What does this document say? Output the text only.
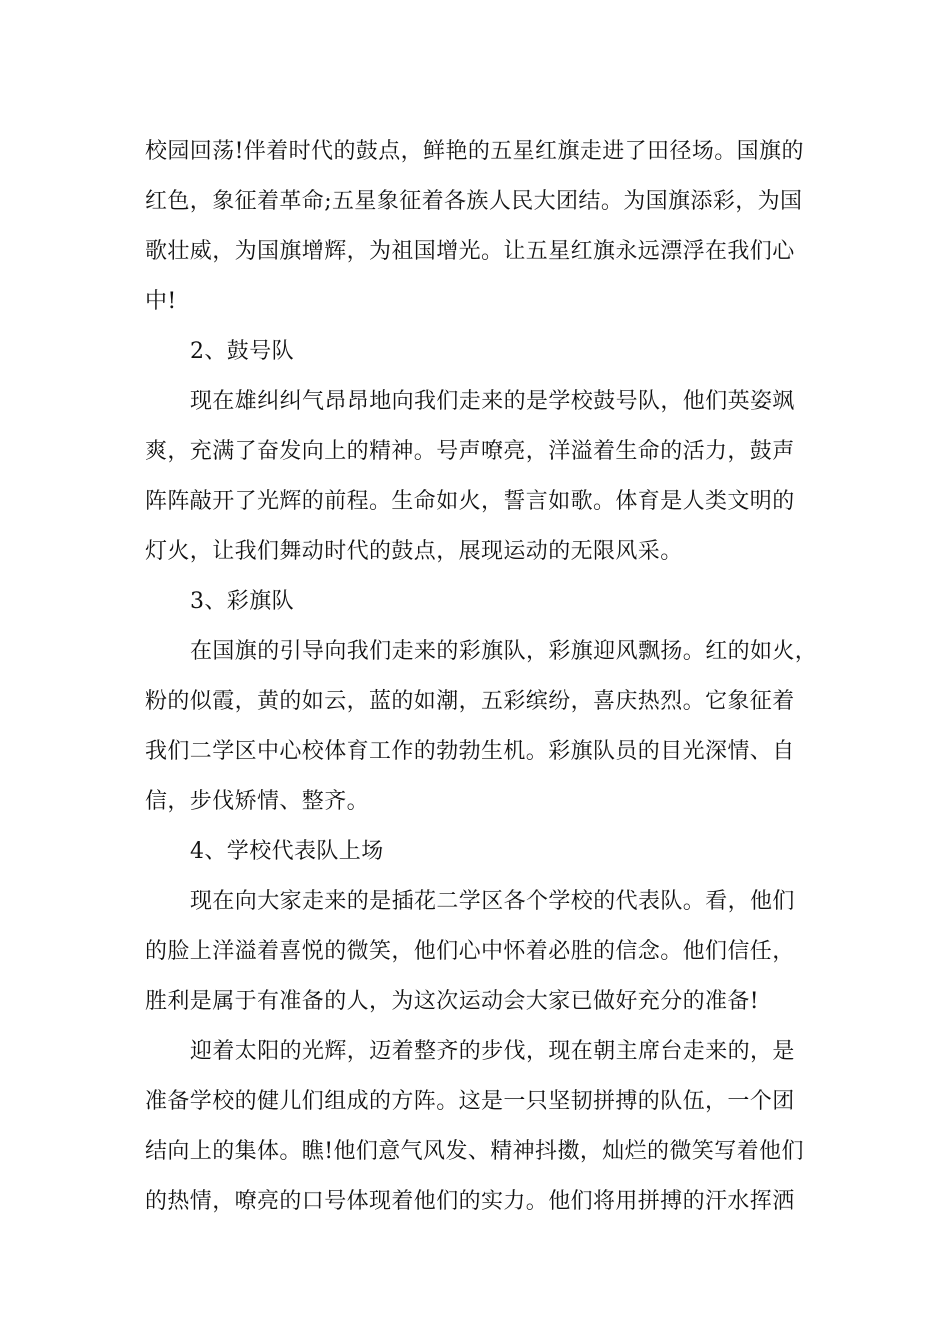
校园回荡!伴着时代的鼓点，鲜艳的五星红旗走进了田径场。国旗的
红色，象征着革命;五星象征着各族人民大团结。为国旗添彩，为国
歌壮威，为国旗增辉，为祖国增光。让五星红旗永远漂浮在我们心
中!
2、鼓号队
现在雄纠纠气昂昂地向我们走来的是学校鼓号队，他们英姿飒
爽，充满了奋发向上的精神。号声嘹亮，洋溢着生命的活力，鼓声
阵阵敲开了光辉的前程。生命如火，誓言如歌。体育是人类文明的
灯火，让我们舞动时代的鼓点，展现运动的无限风采。
3、彩旗队
在国旗的引导向我们走来的彩旗队，彩旗迎风飘扬。红的如火，
粉的似霞，黄的如云，蓝的如潮，五彩缤纷，喜庆热烈。它象征着
我们二学区中心校体育工作的勃勃生机。彩旗队员的目光深情、自
信，步伐矫情、整齐。
4、学校代表队上场
现在向大家走来的是插花二学区各个学校的代表队。看，他们
的脸上洋溢着喜悦的微笑，他们心中怀着必胜的信念。他们信任，
胜利是属于有准备的人，为这次运动会大家已做好充分的准备!
迎着太阳的光辉，迈着整齐的步伐，现在朝主席台走来的，是
准备学校的健儿们组成的方阵。这是一只坚韧拼搏的队伍，一个团
结向上的集体。瞧!他们意气风发、精神抖擞，灿烂的微笑写着他们
的热情，嘹亮的口号体现着他们的实力。他们将用拼搏的汗水挥洒
